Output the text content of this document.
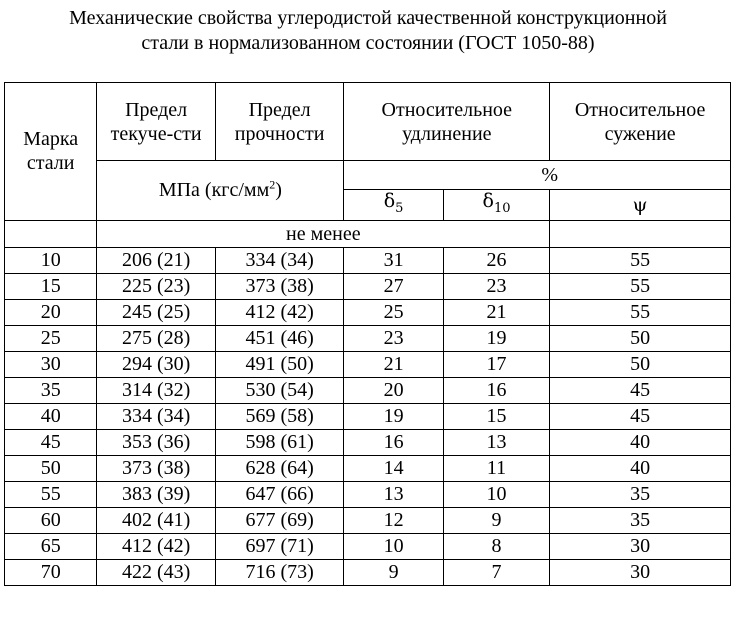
Механические свойства углеродистой качественной конструкционной
стали в нормализованном состоянии (ГОСТ 1050-88)
Марка стали	Предел текуче-сти	Предел прочности	Относительное удлинение		Относительное сужение
	МПа $(кгс/мм^2)$		%		
			$\delta_5$	$\delta_{10}$	ψ
	не менее				
10	206 (21)	334 (34)	31	26	55
15	225 (23)	373 (38)	27	23	55
20	245 (25)	412 (42)	25	21	55
25	275 (28)	451 (46)	23	19	50
30	294 (30)	491 (50)	21	17	50
35	314 (32)	530 (54)	20	16	45
40	334 (34)	569 (58)	19	15	45
45	353 (36)	598 (61)	16	13	40
50	373 (38)	628 (64)	14	11	40
55	383 (39)	647 (66)	13	10	35
60	402 (41)	677 (69)	12	9	35
65	412 (42)	697 (71)	10	8	30
70	422 (43)	716 (73)	9	7	30
